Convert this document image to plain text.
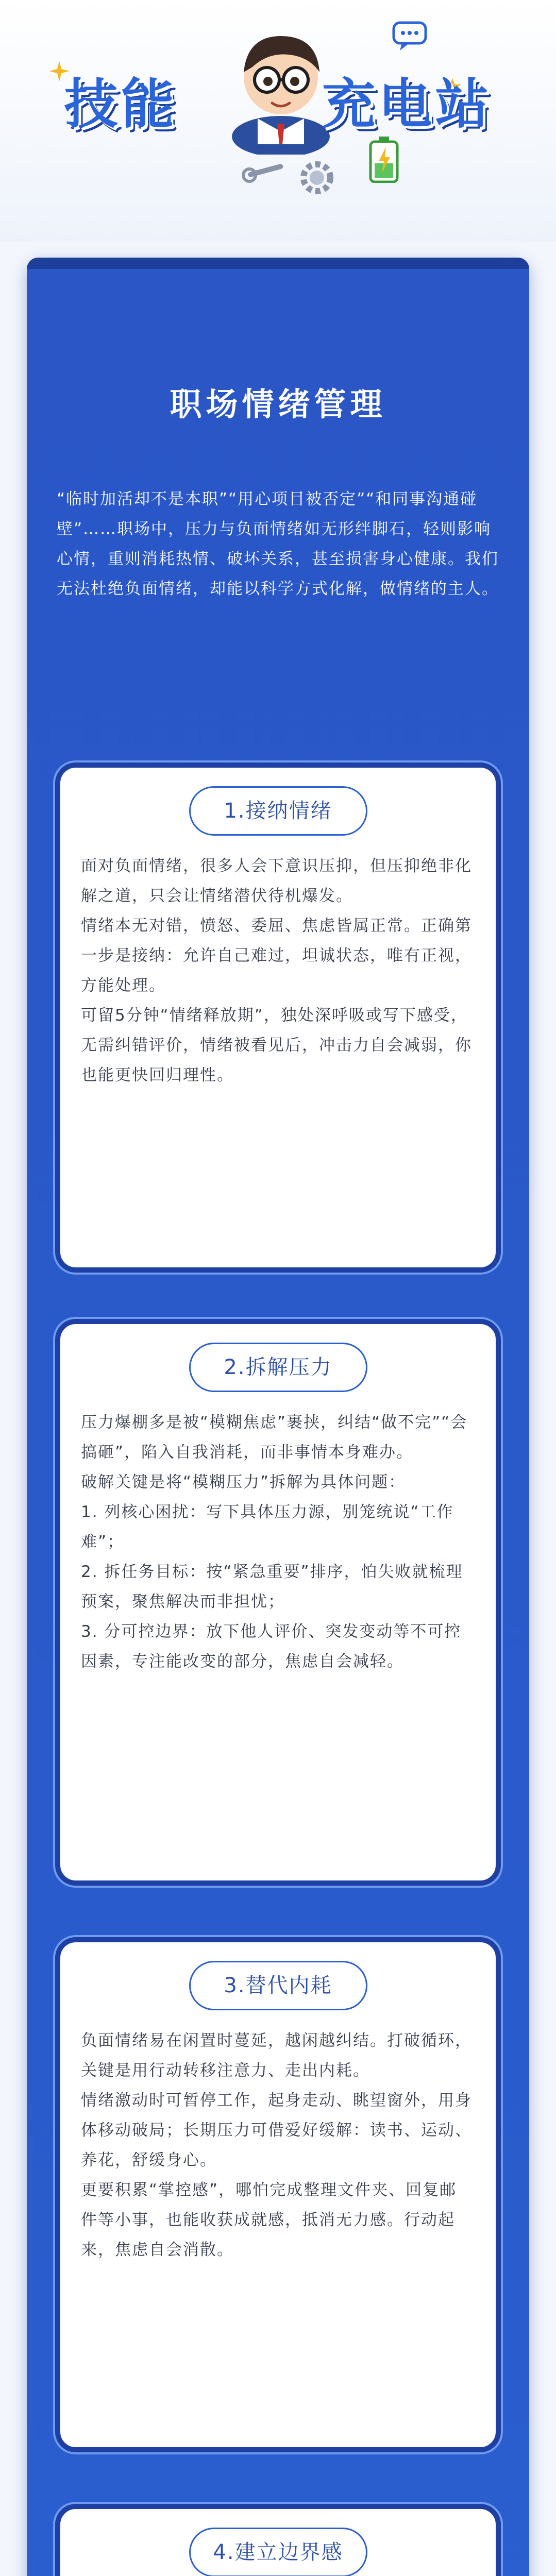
技能	充电站
职场情绪管理
“临时加活却不是本职”“用心项目被否定”“和同事沟通碰壁”……职场中，压力与负面情绪如无形绊脚石，轻则影响心情，重则消耗热情、破坏关系，甚至损害身心健康。我们无法杜绝负面情绪，却能以科学方式化解，做情绪的主人。
1.接纳情绪

面对负面情绪，很多人会下意识压抑，但压抑绝非化解之道，只会让情绪潜伏待机爆发。

情绪本无对错，愤怒、委屈、焦虑皆属正常。正确第一步是接纳：允许自己难过，坦诚状态，唯有正视，方能处理。

可留5分钟“情绪释放期”，独处深呼吸或写下感受，无需纠错评价，情绪被看见后，冲击力自会减弱，你也能更快回归理性。

2.拆解压力

压力爆棚多是被“模糊焦虑”裹挟，纠结“做不完”“会搞砸”，陷入自我消耗，而非事情本身难办。

破解关键是将“模糊压力”拆解为具体问题：

1. 列核心困扰：写下具体压力源，别笼统说“工作难”；

2. 拆任务目标：按“紧急重要”排序，怕失败就梳理预案，聚焦解决而非担忧；

3. 分可控边界：放下他人评价、突发变动等不可控因素，专注能改变的部分，焦虑自会减轻。

3.替代内耗

负面情绪易在闲置时蔓延，越闲越纠结。打破循环，关键是用行动转移注意力、走出内耗。

情绪激动时可暂停工作，起身走动、眺望窗外，用身体移动破局；长期压力可借爱好缓解：读书、运动、养花，舒缓身心。

更要积累“掌控感”，哪怕完成整理文件夹、回复邮件等小事，也能收获成就感，抵消无力感。行动起来，焦虑自会消散。

4.建立边界感
